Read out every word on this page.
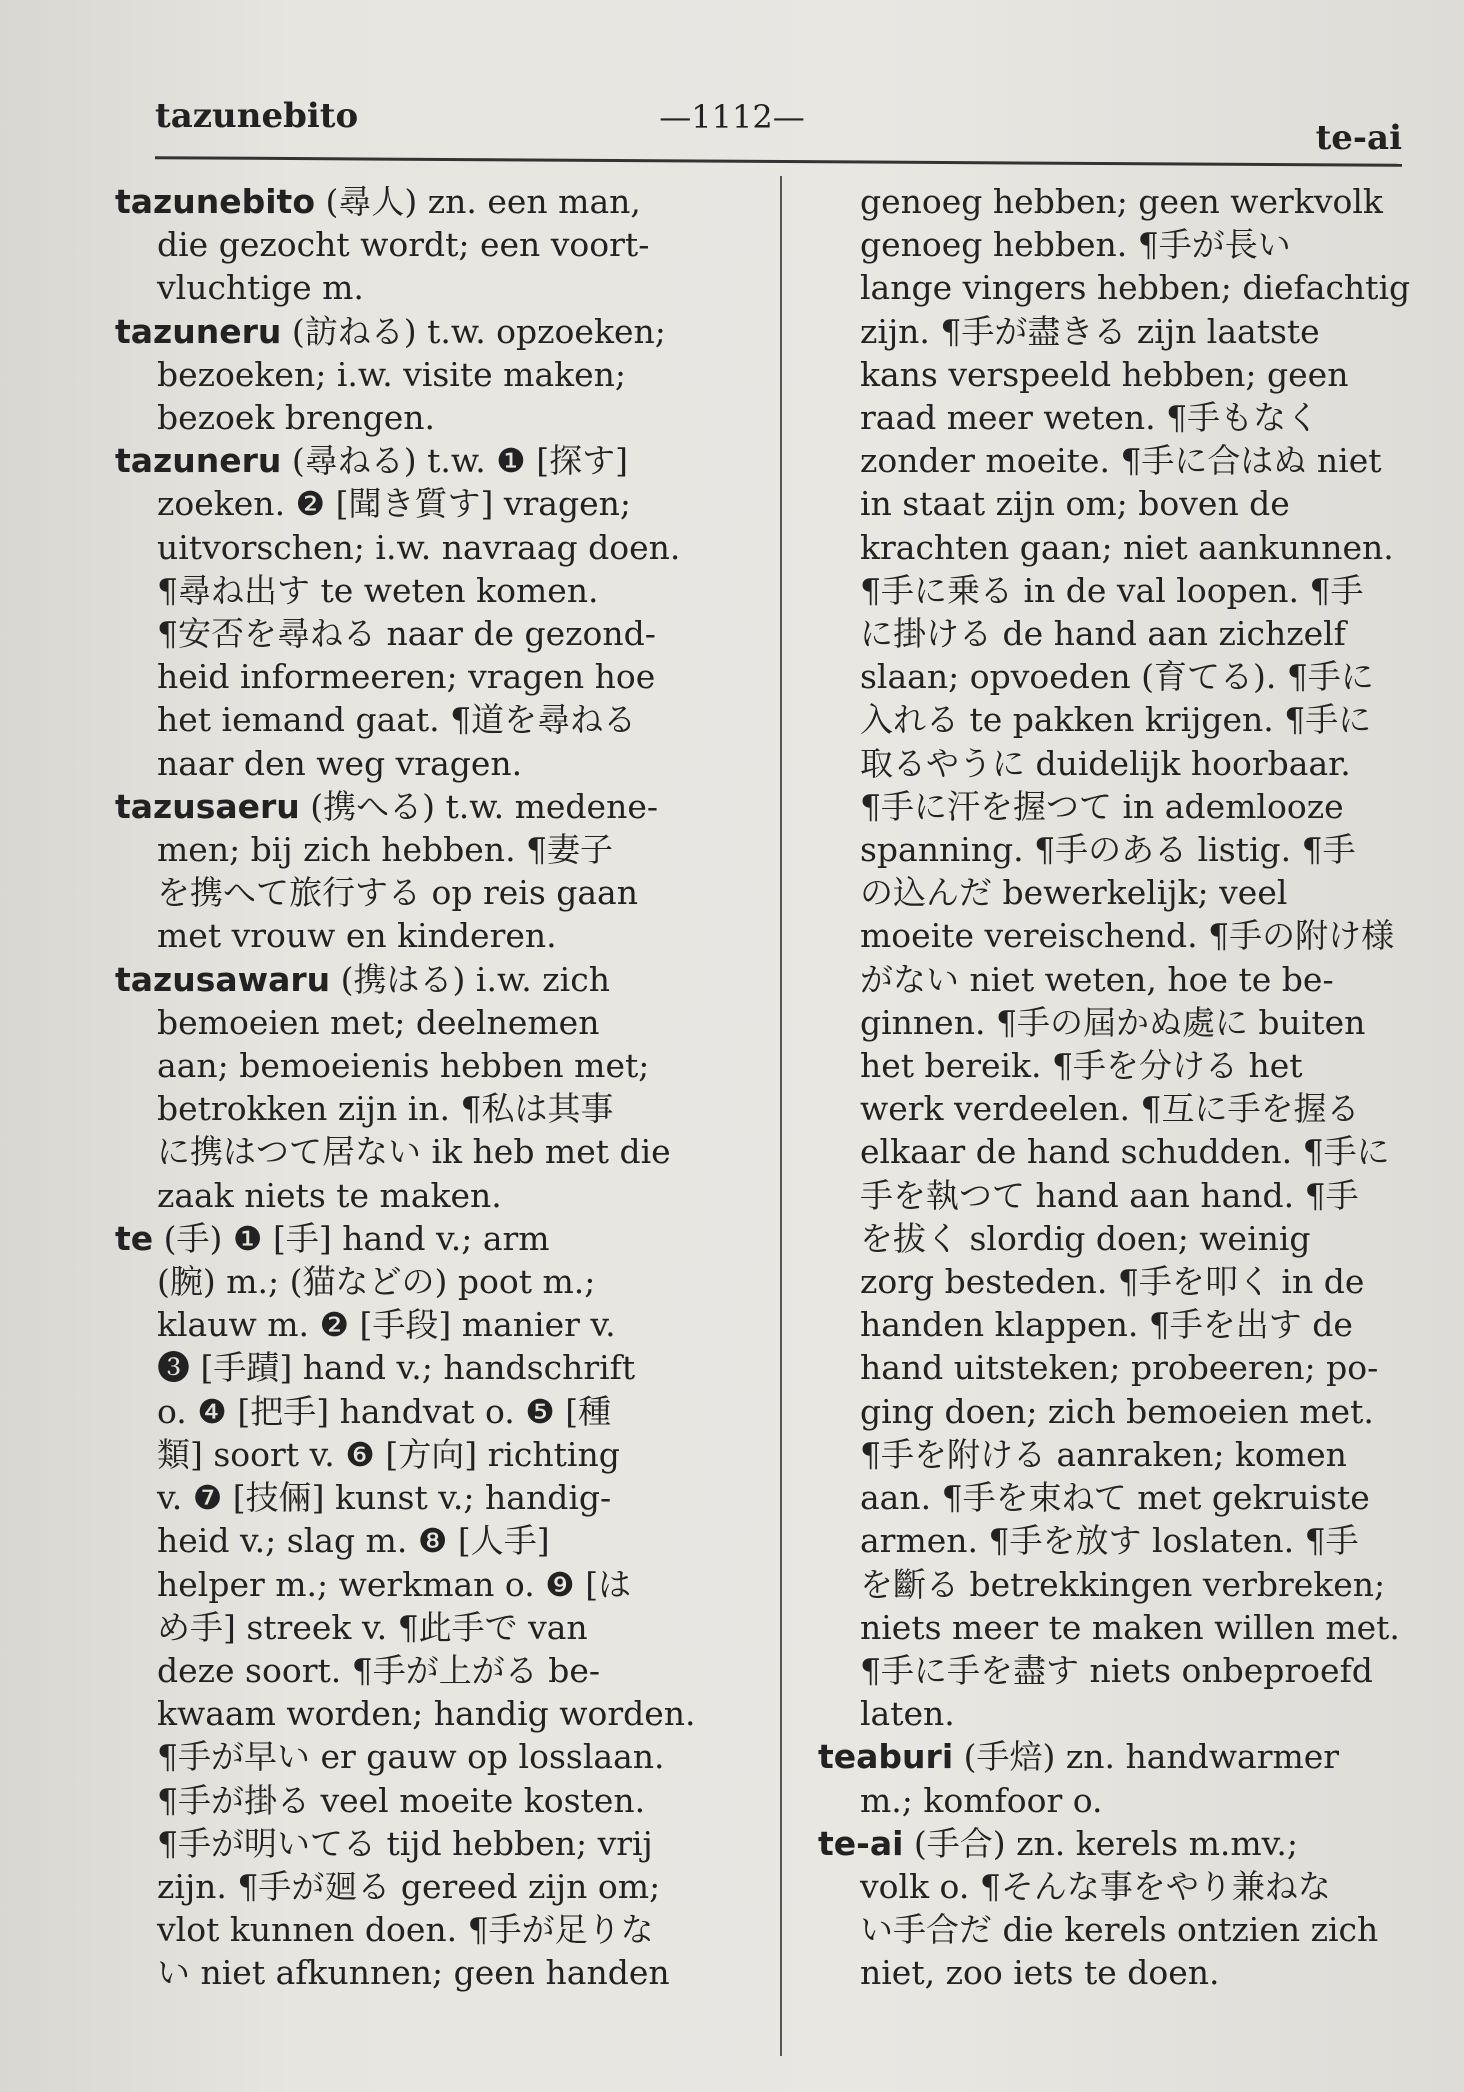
tazunebito	—1112—
te-ai
tazunebito (尋人) zn. een man,
die gezocht wordt; een voort-
vluchtige m.
tazuneru (訪ねる) t.w. opzoeken;
bezoeken; i.w. visite maken;
bezoek brengen.
tazuneru (尋ねる) t.w. ❶ [探す]
zoeken. ❷ [聞き質す] vragen;
uitvorschen; i.w. navraag doen.
¶尋ね出す te weten komen.
¶安否を尋ねる naar de gezond-
heid informeeren; vragen hoe
het iemand gaat. ¶道を尋ねる
naar den weg vragen.
tazusaeru (携へる) t.w. medene-
men; bij zich hebben. ¶妻子
を携へて旅行する op reis gaan
met vrouw en kinderen.
tazusawaru (携はる) i.w. zich
bemoeien met; deelnemen
aan; bemoeienis hebben met;
betrokken zijn in. ¶私は其事
に携はつて居ない ik heb met die
zaak niets te maken.
te (手) ❶ [手] hand v.; arm
(腕) m.; (猫などの) poot m.;
klauw m. ❷ [手段] manier v.
❸ [手蹟] hand v.; handschrift
o. ❹ [把手] handvat o. ❺ [種
類] soort v. ❻ [方向] richting
v. ❼ [技倆] kunst v.; handig-
heid v.; slag m. ❽ [人手]
helper m.; werkman o. ❾ [は
め手] streek v. ¶此手で van
deze soort. ¶手が上がる be-
kwaam worden; handig worden.
¶手が早い er gauw op losslaan.
¶手が掛る veel moeite kosten.
¶手が明いてる tijd hebben; vrij
zijn. ¶手が廻る gereed zijn om;
vlot kunnen doen. ¶手が足りな
い niet afkunnen; geen handen
genoeg hebben; geen werkvolk
genoeg hebben. ¶手が長い
lange vingers hebben; diefachtig
zijn. ¶手が盡きる zijn laatste
kans verspeeld hebben; geen
raad meer weten. ¶手もなく
zonder moeite. ¶手に合はぬ niet
in staat zijn om; boven de
krachten gaan; niet aankunnen.
¶手に乗る in de val loopen. ¶手
に掛ける de hand aan zichzelf
slaan; opvoeden (育てる). ¶手に
入れる te pakken krijgen. ¶手に
取るやうに duidelijk hoorbaar.
¶手に汗を握つて in ademlooze
spanning. ¶手のある listig. ¶手
の込んだ bewerkelijk; veel
moeite vereischend. ¶手の附け様
がない niet weten, hoe te be-
ginnen. ¶手の屆かぬ處に buiten
het bereik. ¶手を分ける het
werk verdeelen. ¶互に手を握る
elkaar de hand schudden. ¶手に
手を執つて hand aan hand. ¶手
を拔く slordig doen; weinig
zorg besteden. ¶手を叩く in de
handen klappen. ¶手を出す de
hand uitsteken; probeeren; po-
ging doen; zich bemoeien met.
¶手を附ける aanraken; komen
aan. ¶手を束ねて met gekruiste
armen. ¶手を放す loslaten. ¶手
を斷る betrekkingen verbreken;
niets meer te maken willen met.
¶手に手を盡す niets onbeproefd
laten.
teaburi (手焙) zn. handwarmer
m.; komfoor o.
te-ai (手合) zn. kerels m.mv.;
volk o. ¶そんな事をやり兼ねな
い手合だ die kerels ontzien zich
niet, zoo iets te doen.
